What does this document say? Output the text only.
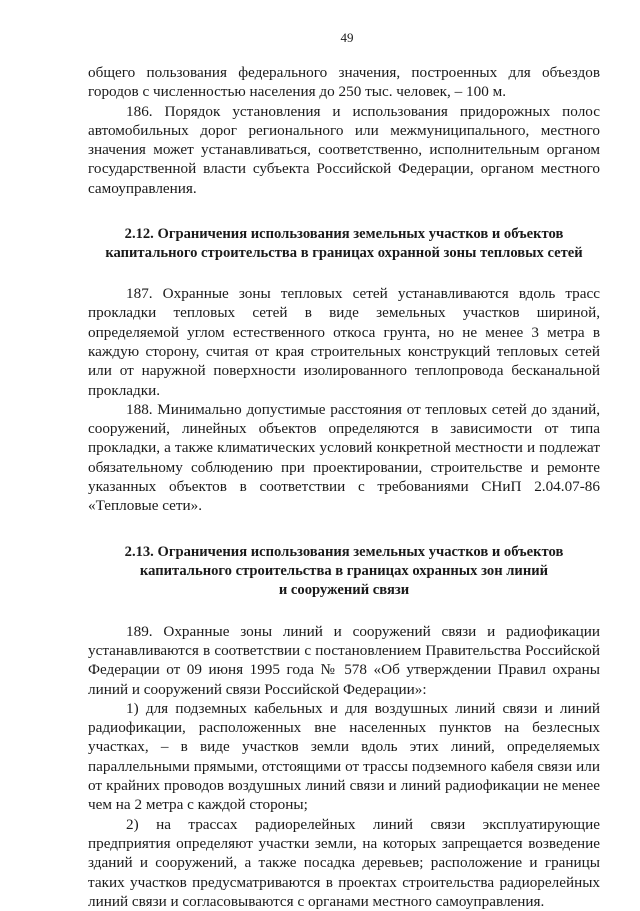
49

общего пользования федерального значения, построенных для объездов городов с численностью населения до 250 тыс. человек, – 100 м.

186. Порядок установления и использования придорожных полос автомобильных дорог регионального или межмуниципального, местного значения может устанавливаться, соответственно, исполнительным органом государственной власти субъекта Российской Федерации, органом местного самоуправления.

2.12. Ограничения использования земельных участков и объектов
капитального строительства в границах охранной зоны тепловых сетей

187. Охранные зоны тепловых сетей устанавливаются вдоль трасс прокладки тепловых сетей в виде земельных участков шириной, определяемой углом естественного откоса грунта, но не менее 3 метра в каждую сторону, считая от края строительных конструкций тепловых сетей или от наружной поверхности изолированного теплопровода бесканальной прокладки.

188. Минимально допустимые расстояния от тепловых сетей до зданий, сооружений, линейных объектов определяются в зависимости от типа прокладки, а также климатических условий конкретной местности и подлежат обязательному соблюдению при проектировании, строительстве и ремонте указанных объектов в соответствии с требованиями СНиП 2.04.07-86 «Тепловые сети».

2.13. Ограничения использования земельных участков и объектов
капитального строительства в границах охранных зон линий
и сооружений связи

189. Охранные зоны линий и сооружений связи и радиофикации устанавливаются в соответствии с постановлением Правительства Российской Федерации от 09 июня 1995 года № 578 «Об утверждении Правил охраны линий и сооружений связи Российской Федерации»:

1) для подземных кабельных и для воздушных линий связи и линий радиофикации, расположенных вне населенных пунктов на безлесных участках, – в виде участков земли вдоль этих линий, определяемых параллельными прямыми, отстоящими от трассы подземного кабеля связи или от крайних проводов воздушных линий связи и линий радиофикации не менее чем на 2 метра с каждой стороны;

2) на трассах радиорелейных линий связи эксплуатирующие предприятия определяют участки земли, на которых запрещается возведение зданий и сооружений, а также посадка деревьев; расположение и границы таких участков предусматриваются в проектах строительства радиорелейных линий связи и согласовываются с органами местного самоуправления.
